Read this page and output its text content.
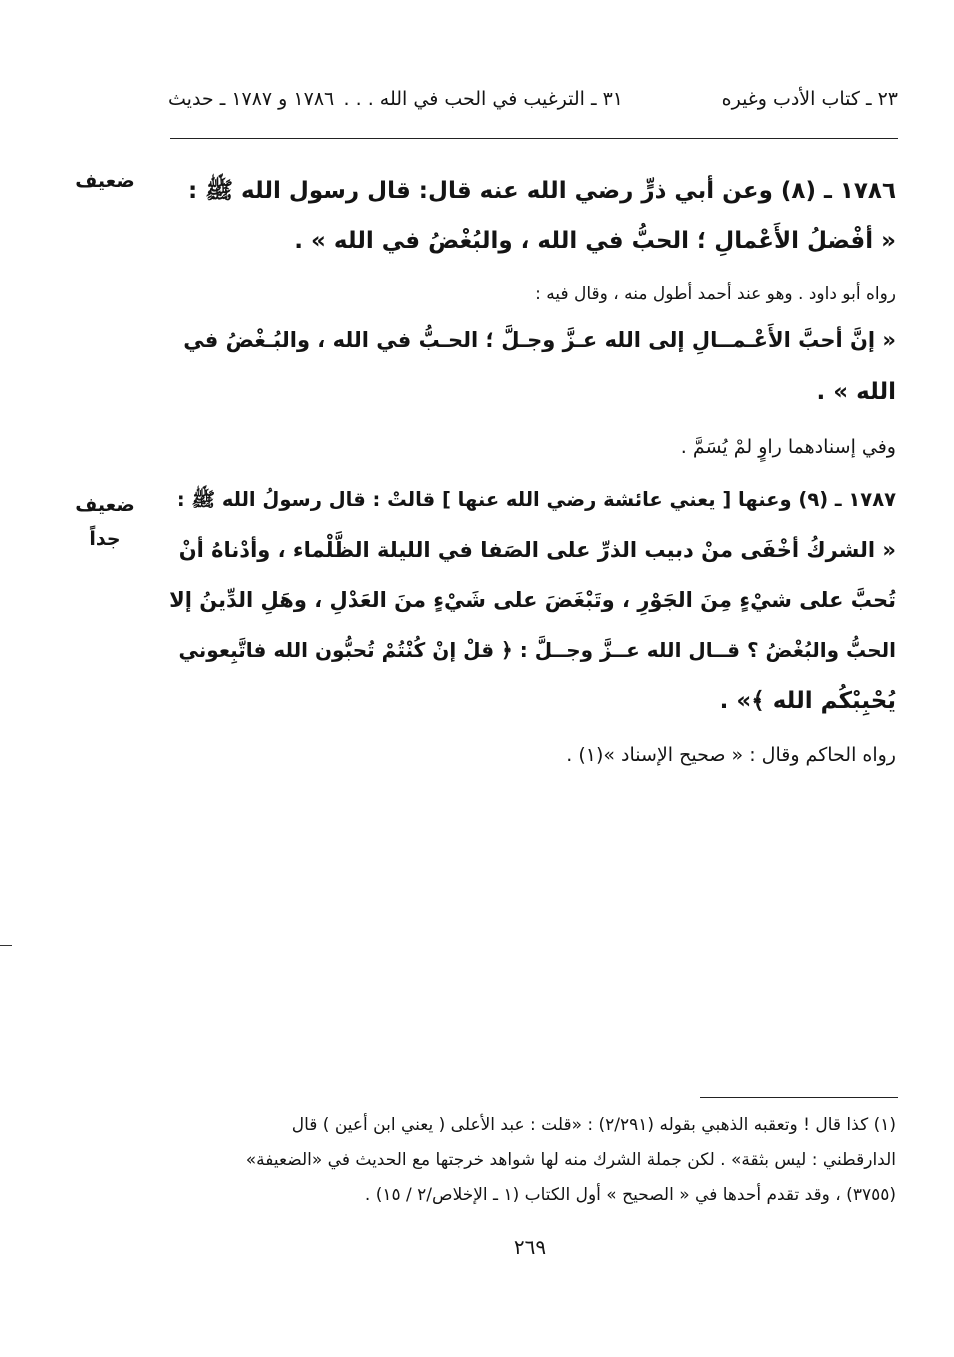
٢٣ ـ كتاب الأدب وغيره
٣١ ـ الترغيب في الحب في الله . . .
١٧٨٦ و ١٧٨٧ ـ حديث
ضعيف	١٧٨٦ ـ (٨) وعن أبي ذرٍّ رضي الله عنه قال: قال رسول الله ﷺ :
« أفْضلُ الأَعْمالِ ؛ الحبُّ في الله ، والبُغْضُ في الله » .
رواه أبو داود . وهو عند أحمد أطول منه ، وقال فيه :
« إنَّ أحبَّ الأَعْـمــالِ إلى الله عـزَّ وجـلَّ ؛ الحـبُّ في الله ، والبُـغْضُ في
الله » .
وفي إسنادهما راوٍ لمْ يُسَمَّ .
ضعيف
جداً
١٧٨٧ ـ (٩) وعنها [ يعني عائشة رضي الله عنها ] قالتْ : قال رسولُ الله ﷺ :
« الشركُ أخْفَى منْ دبيب الذرِّ على الصَفا في الليلة الظَّلْماء ، وأدْناهُ أنْ
تُحبَّ على شيْءٍ مِنَ الجَوْرِ ، وتَبْغَضَ على شَيْءٍ منَ العَدْلِ ، وهَلِ الدِّينُ إلا
الحبُّ والبُغْضُ ؟ قــال الله عــزَّ وجــلَّ : ﴿ قلْ إنْ كُنْتُمْ تُحبُّون الله فاتَّبِعوني
يُحْبِبْكُم الله ﴾» .
رواه الحاكم وقال : « صحيح الإسناد »(١) .
(١) كذا قال ! وتعقبه الذهبي بقوله (٢/٢٩١) : «قلت : عبد الأعلى ( يعني ابن أعين ) قال
الدارقطني : ليس بثقة» . لكن جملة الشرك منه لها شواهد خرجتها مع الحديث في «الضعيفة»
(٣٧٥٥) ، وقد تقدم أحدها في « الصحيح » أول الكتاب (١ ـ الإخلاص/٢ / ١٥) .
٢٦٩
